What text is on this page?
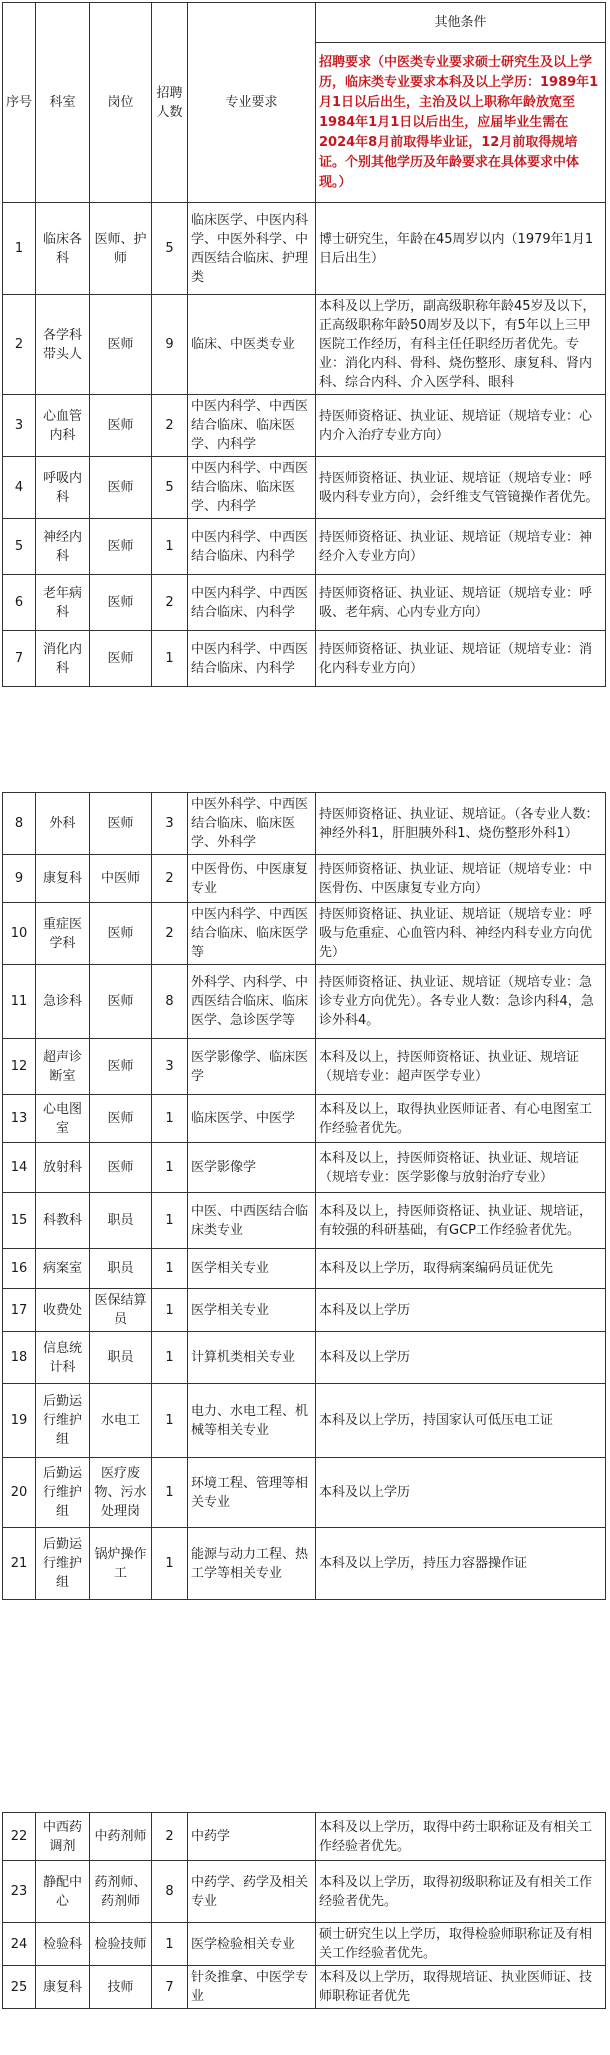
序号	科室	岗位	招聘人数	专业要求	其他条件
					招聘要求（中医类专业要求硕士研究生及以上学历，临床类专业要求本科及以上学历：1989年1月1日以后出生，主治及以上职称年龄放宽至1984年1月1日以后出生，应届毕业生需在2024年8月前取得毕业证，12月前取得规培证。个别其他学历及年龄要求在具体要求中体现。）
1	临床各科	医师、护师	5	临床医学、中医内科学、中医外科学、中西医结合临床、护理类	博士研究生，年龄在45周岁以内（1979年1月1日后出生）
2	各学科带头人	医师	9	临床、中医类专业	本科及以上学历，副高级职称年龄45岁及以下，正高级职称年龄50周岁及以下，有5年以上三甲医院工作经历，有科主任任职经历者优先。专业：消化内科、骨科、烧伤整形、康复科、肾内科、综合内科、介入医学科、眼科
3	心血管内科	医师	2	中医内科学、中西医结合临床、临床医学、内科学	持医师资格证、执业证、规培证（规培专业：心内介入治疗专业方向）
4	呼吸内科	医师	5	中医内科学、中西医结合临床、临床医学、内科学	持医师资格证、执业证、规培证（规培专业：呼吸内科专业方向），会纤维支气管镜操作者优先。
5	神经内科	医师	1	中医内科学、中西医结合临床、内科学	持医师资格证、执业证、规培证（规培专业：神经介入专业方向）
6	老年病科	医师	2	中医内科学、中西医结合临床、内科学	持医师资格证、执业证、规培证（规培专业：呼吸、老年病、心内专业方向）
7	消化内科	医师	1	中医内科学、中西医结合临床、内科学	持医师资格证、执业证、规培证（规培专业：消化内科专业方向）
8	外科	医师	3	中医外科学、中西医结合临床、临床医学、外科学	持医师资格证、执业证、规培证。（各专业人数：神经外科1，肝胆胰外科1、烧伤整形外科1）
9	康复科	中医师	2	中医骨伤、中医康复专业	持医师资格证、执业证、规培证（规培专业：中医骨伤、中医康复专业方向）
10	重症医学科	医师	2	中医内科学、中西医结合临床、临床医学等	持医师资格证、执业证、规培证（规培专业：呼吸与危重症、心血管内科、神经内科专业方向优先）
11	急诊科	医师	8	外科学、内科学、中西医结合临床、临床医学、急诊医学等	持医师资格证、执业证、规培证（规培专业：急诊专业方向优先）。各专业人数：急诊内科4，急诊外科4。
12	超声诊断室	医师	3	医学影像学、临床医学	本科及以上，持医师资格证、执业证、规培证（规培专业：超声医学专业）
13	心电图室	医师	1	临床医学、中医学	本科及以上，取得执业医师证者、有心电图室工作经验者优先。
14	放射科	医师	1	医学影像学	本科及以上，持医师资格证、执业证、规培证（规培专业：医学影像与放射治疗专业）
15	科教科	职员	1	中医、中西医结合临床类专业	本科及以上，持医师资格证、执业证、规培证，有较强的科研基础，有GCP工作经验者优先。
16	病案室	职员	1	医学相关专业	本科及以上学历，取得病案编码员证优先
17	收费处	医保结算员	1	医学相关专业	本科及以上学历
18	信息统计科	职员	1	计算机类相关专业	本科及以上学历
19	后勤运行维护组	水电工	1	电力、水电工程、机械等相关专业	本科及以上学历，持国家认可低压电工证
20	后勤运行维护组	医疗废物、污水处理岗	1	环境工程、管理等相关专业	本科及以上学历
21	后勤运行维护组	锅炉操作工	1	能源与动力工程、热工学等相关专业	本科及以上学历，持压力容器操作证
22	中西药调剂	中药剂师	2	中药学	本科及以上学历，取得中药士职称证及有相关工作经验者优先。
23	静配中心	药剂师、药剂师	8	中药学、药学及相关专业	本科及以上学历，取得初级职称证及有相关工作经验者优先。
24	检验科	检验技师	1	医学检验相关专业	硕士研究生以上学历，取得检验师职称证及有相关工作经验者优先。
25	康复科	技师	7	针灸推拿、中医学专业	本科及以上学历，取得规培证、执业医师证、技师职称证者优先
